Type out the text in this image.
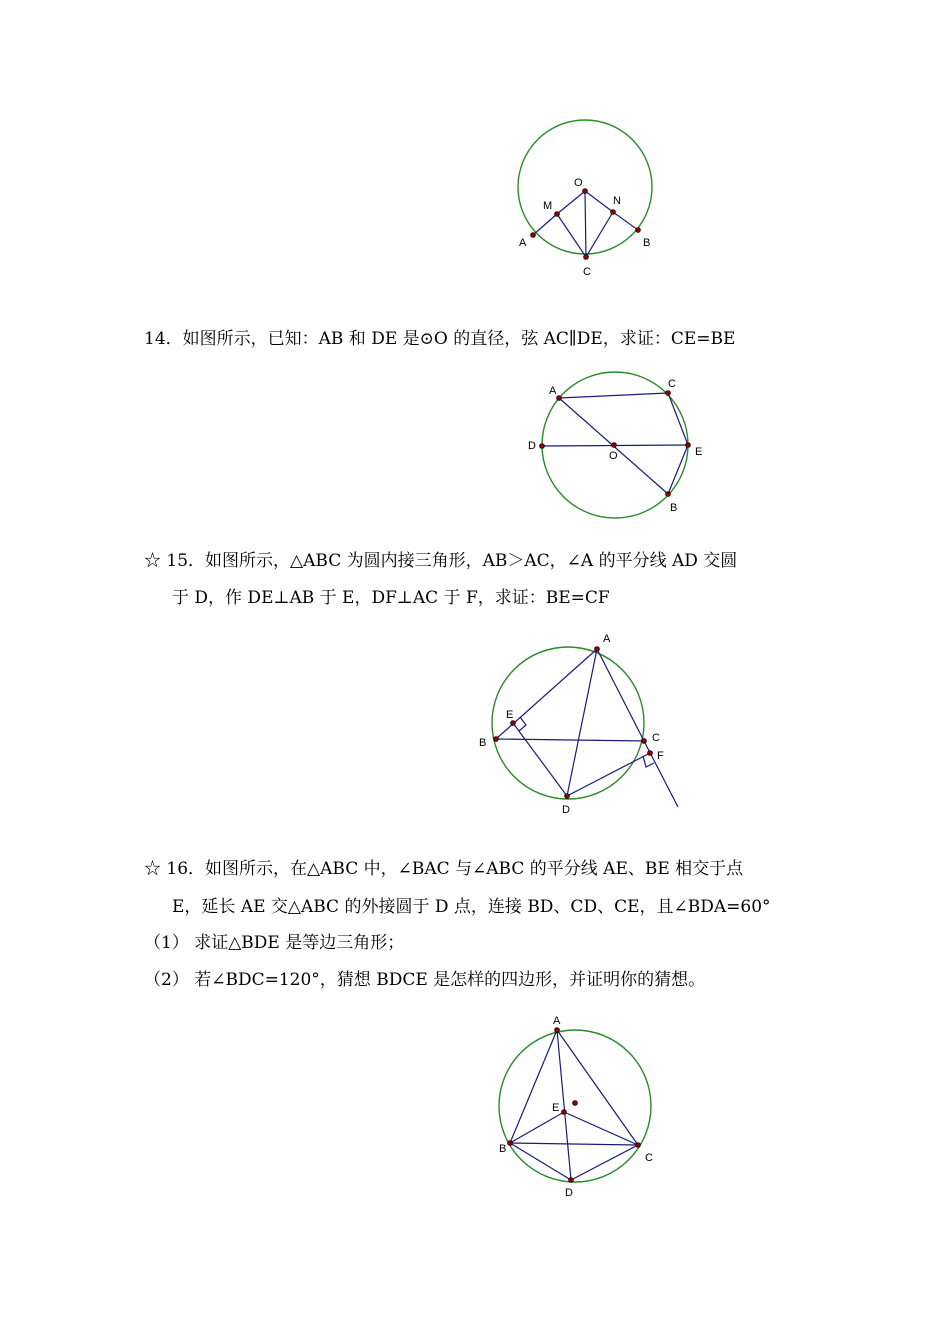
O
M	N
A	B
C
14．如图所示，已知：AB 和 DE 是⊙O 的直径，弦 AC∥DE，求证：CE=BE
A
C
D
O	E
B
☆ 15．如图所示，△ABC 为圆内接三角形，AB＞AC，∠A 的平分线 AD 交圆
于 D，作 DE⊥AB 于 E，DF⊥AC 于 F，求证：BE=CF
A
E
B	C
F
D
☆ 16．如图所示，在△ABC 中，∠BAC 与∠ABC 的平分线 AE、BE 相交于点
E，延长 AE 交△ABC 的外接圆于 D 点，连接 BD、CD、CE，且∠BDA=60°
（1） 求证△BDE 是等边三角形；
（2） 若∠BDC=120°，猜想 BDCE 是怎样的四边形，并证明你的猜想。
A
E
B
C
D
